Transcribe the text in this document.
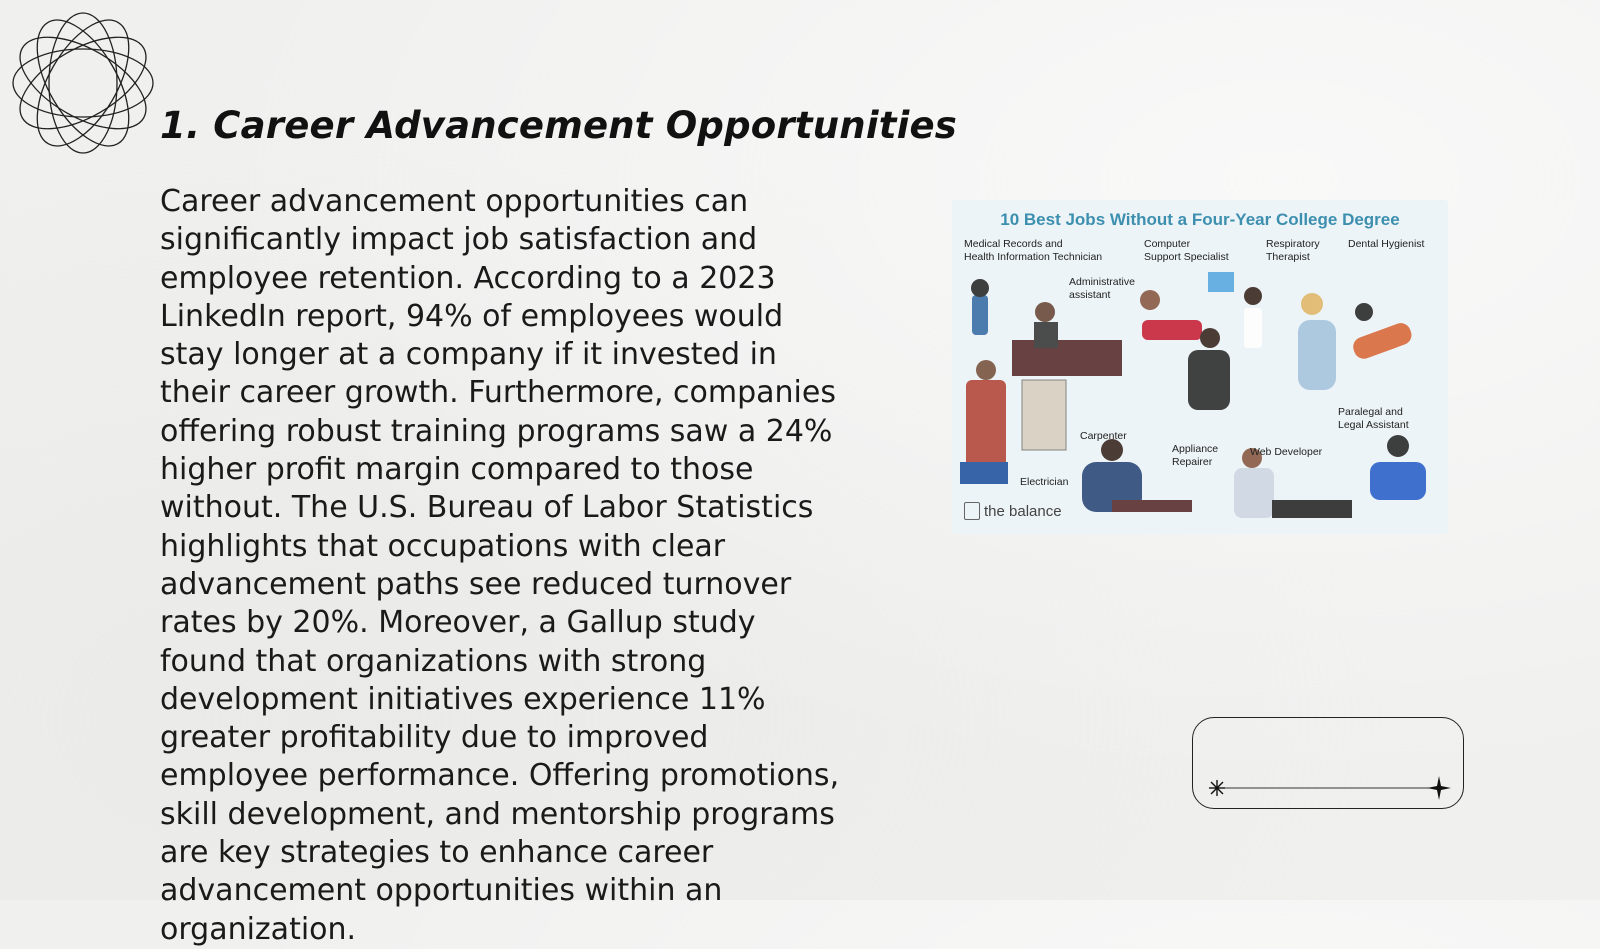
1. Career Advancement Opportunities

Career advancement opportunities can significantly impact job satisfaction and employee retention. According to a 2023 LinkedIn report, 94% of employees would stay longer at a company if it invested in their career growth. Furthermore, companies offering robust training programs saw a 24% higher profit margin compared to those without. The U.S. Bureau of Labor Statistics highlights that occupations with clear advancement paths see reduced turnover rates by 20%. Moreover, a Gallup study found that organizations with strong development initiatives experience 11% greater profitability due to improved employee performance. Offering promotions, skill development, and mentorship programs are key strategies to enhance career advancement opportunities within an organization.

10 Best Jobs Without a Four-Year College Degree
Medical Records and
Health Information Technician
Computer
Support Specialist
Respiratory
Therapist
Dental Hygienist
Administrative
assistant
Paralegal and
Legal Assistant
Carpenter
Appliance
Repairer
Web Developer
Electrician
the balance
